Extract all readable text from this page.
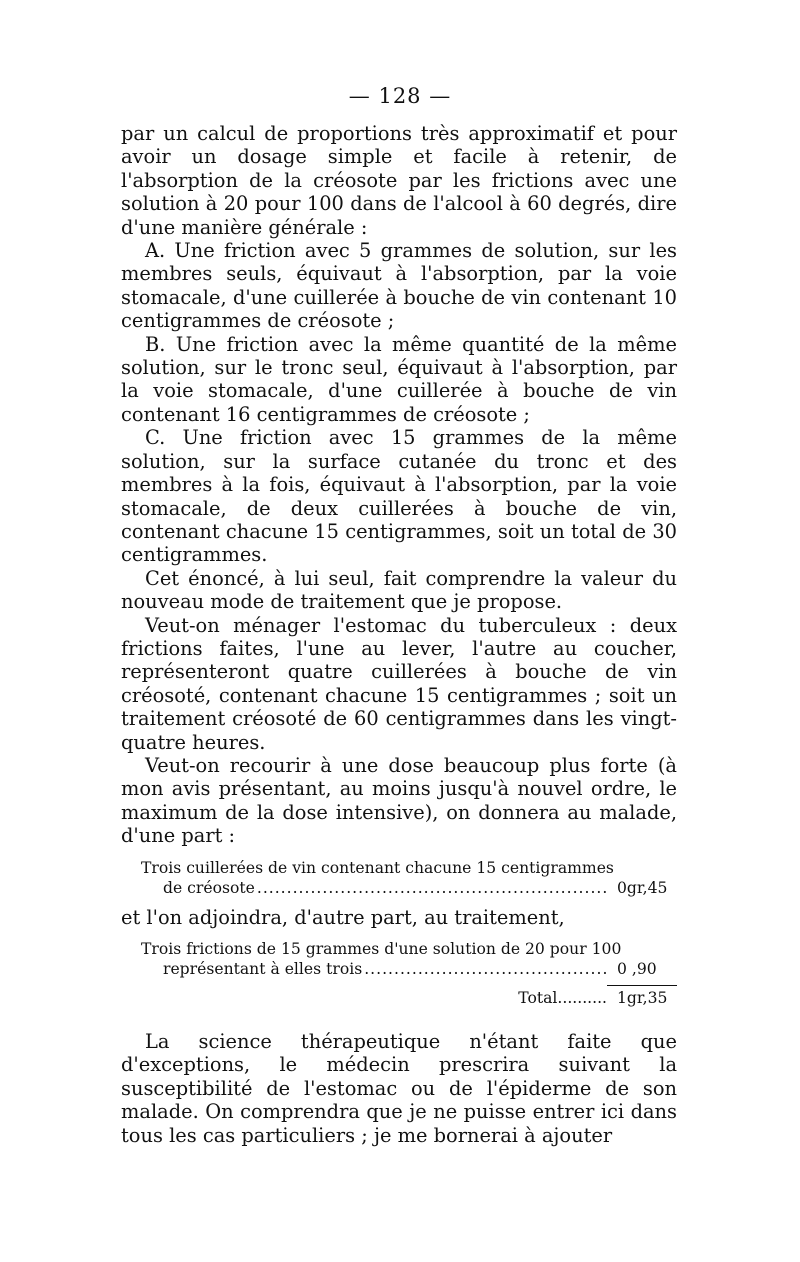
— 128 —

par un calcul de proportions très approximatif et pour avoir un dosage simple et facile à retenir, de l'absorption de la créosote par les frictions avec une solution à 20 pour 100 dans de l'alcool à 60 degrés, dire d'une manière générale :

A. Une friction avec 5 grammes de solution, sur les membres seuls, équivaut à l'absorption, par la voie stomacale, d'une cuillerée à bouche de vin contenant 10 centigrammes de créosote ;

B. Une friction avec la même quantité de la même solution, sur le tronc seul, équivaut à l'absorption, par la voie stomacale, d'une cuillerée à bouche de vin contenant 16 centigrammes de créosote ;

C. Une friction avec 15 grammes de la même solution, sur la surface cutanée du tronc et des membres à la fois, équivaut à l'absorption, par la voie stomacale, de deux cuillerées à bouche de vin, contenant chacune 15 centigrammes, soit un total de 30 centigrammes.

Cet énoncé, à lui seul, fait comprendre la valeur du nouveau mode de traitement que je propose.

Veut-on ménager l'estomac du tuberculeux : deux frictions faites, l'une au lever, l'autre au coucher, représenteront quatre cuillerées à bouche de vin créosoté, contenant chacune 15 centigrammes ; soit un traitement créosoté de 60 centigrammes dans les vingt-quatre heures.

Veut-on recourir à une dose beaucoup plus forte (à mon avis présentant, au moins jusqu'à nouvel ordre, le maximum de la dose intensive), on donnera au malade, d'une part :

Trois cuillerées de vin contenant chacune 15 centigrammes
de créosote .....	0gr,45

et l'on adjoindra, d'autre part, au traitement,

Trois frictions de 15 grammes d'une solution de 20 pour 100
représentant à elles trois .....	0 ,90
Total.......... 1gr,35

La science thérapeutique n'étant faite que d'exceptions, le médecin prescrira suivant la susceptibilité de l'estomac ou de l'épiderme de son malade. On comprendra que je ne puisse entrer ici dans tous les cas particuliers ; je me bornerai à ajouter
